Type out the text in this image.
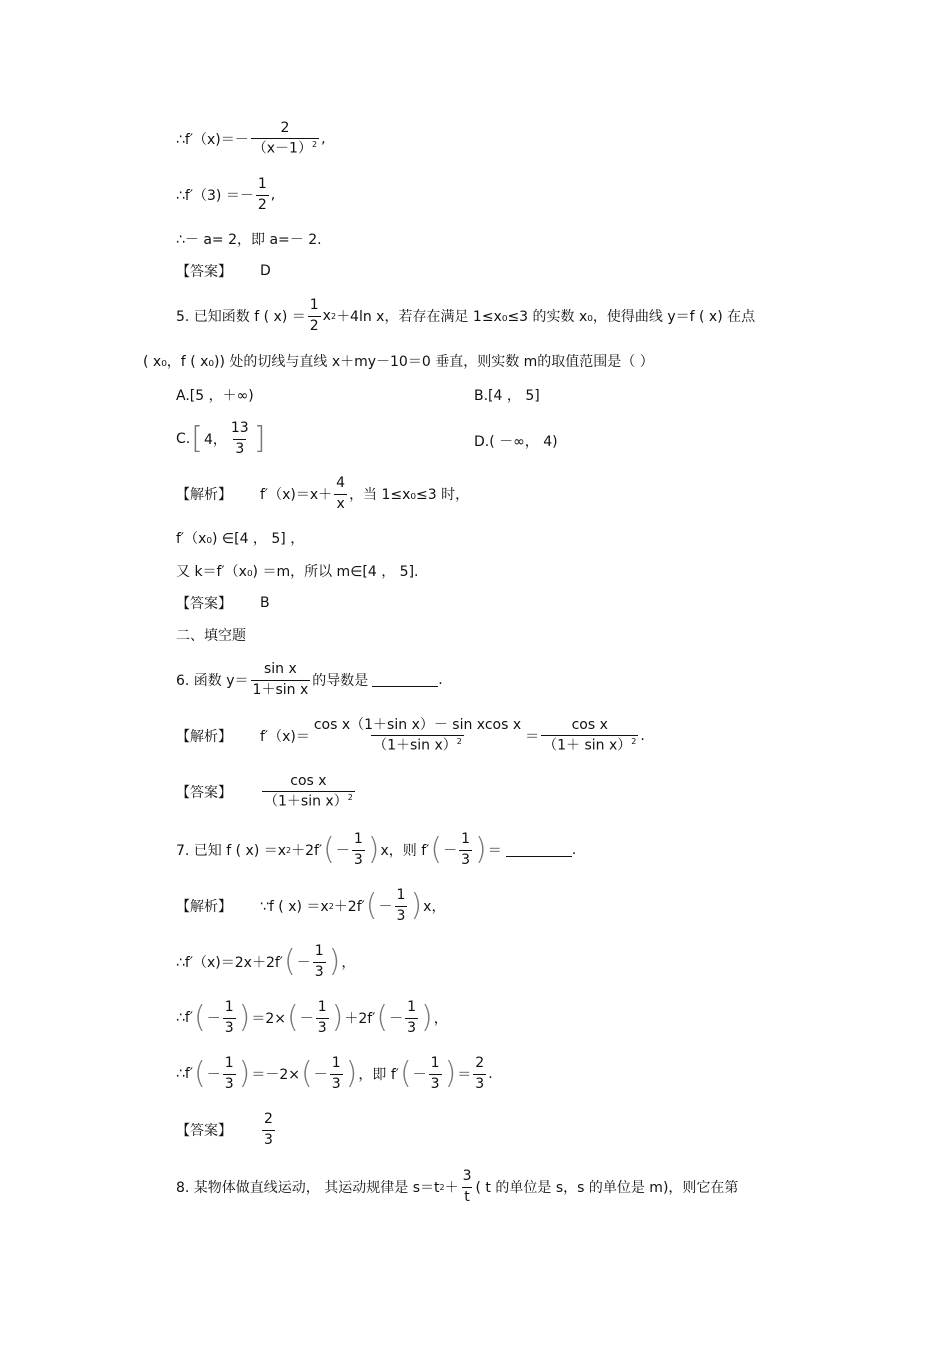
∴f′（x)＝－ $\frac{2}{(x-1)^2}$ ,
∴f′（3) ＝－ $\frac{1}{2}$ ,
∴－ a= 2，即 a=－ 2.
【答案】 D
5. 已知函数 f ( $x) = \frac{1}{2}$ x 2 ＋4ln x，若存在满足 1≤x₀≤3 的实数 x₀，使得曲线 y＝f ( x) 在点
( x₀，f ( x₀)) 处的切线与直线 x＋my－10＝0 垂直，则实数 m的取值范围是（ ）
A.[5 ，＋∞)	B.[4 ， 5]
C. [ 4， $\frac{13}{3}$ ]	D.( －∞， 4)
【解析】 $f'(x)=x+ \frac{4}{x}$ ，当 1≤x₀≤3 时，
f′（x₀) ∈[4 ， 5] ，
又 k＝f′（x₀) ＝m，所以 m∈[4 ， 5].
【答案】 B
二、填空题
6. 函数 $y= \frac{\text{sin x}}{\text{1＋sin x}}$ 的导数是	.
【解析】 $f'(x)= \frac{\text{cos x（1＋sin x）－ sin xcos x}}{(1+\sin x)^2} = \frac{\text{cos x}}{(1+ \sin x)^2}$ .
【答案】 $\frac{\text{cos x}}{(1+\sin x)^2}$
7. 已知 f ( x) ＝x 2 ＋2f′ ( － $\frac{1}{3}$ ) x，则 f′ ( － $\frac{1}{3}$ ) ＝	.
【解析】 ∵f ( x) ＝x 2 ＋2f′ ( － $\frac{1}{3}$ ) x，
∴f′（x)＝2x＋2f′ ( － $\frac{1}{3}$ ) ，
∴f′ ( － $\frac{1}{3}$ ) ＝2× ( － $\frac{1}{3}$ ) ＋2f′ ( － $\frac{1}{3}$ ) ，
∴f′ ( － $\frac{1}{3}$ ) ＝－2× ( － $\frac{1}{3}$ ) ，即 f′ ( － $\frac{1}{3}$ ) ＝ $\frac{2}{3}$ .
【答案】 $\frac{2}{3}$
8. 某物体做直线运动， 其运动规律是 s＝t $2 + \frac{3}{t}$ ( t 的单位是 s，s 的单位是 m)，则它在第
